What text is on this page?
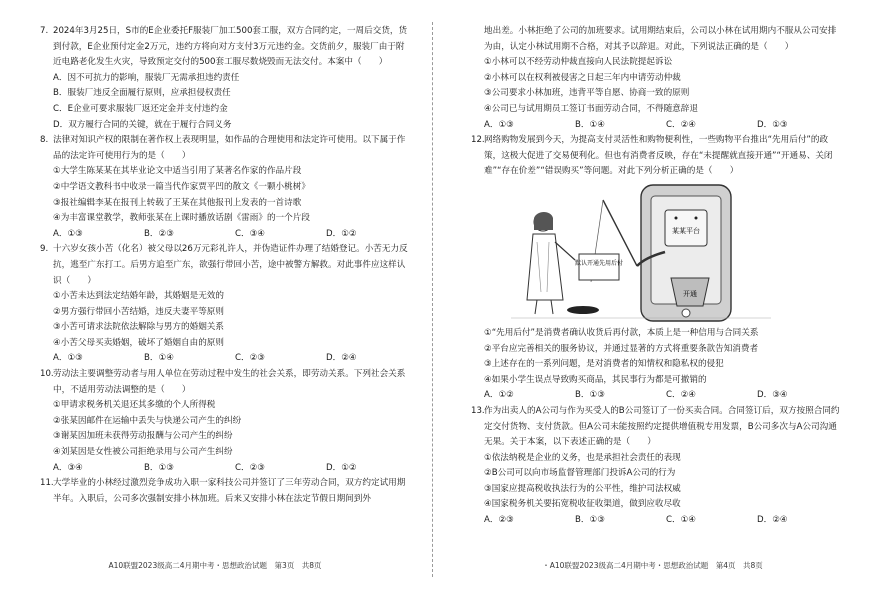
7. 2024年3月25日，S市的E企业委托F服装厂加工500套工服，双方合同约定，一周后交货，货到付款，E企业预付定金2万元，违约方将向对方支付3万元违约金。交货前夕，服装厂由于附近电路老化发生火灾，导致预定交付的500套工服尽数烧毁而无法交付。本案中（　　）
A．因不可抗力的影响，服装厂无需承担违约责任
B．服装厂违反全面履行原则，应承担侵权责任
C．E企业可要求服装厂返还定金并支付违约金
D．双方履行合同的关键，就在于履行合同义务
8. 法律对知识产权的限制在著作权上表现明显，如作品的合理使用和法定许可使用。以下属于作品的法定许可使用行为的是（　　）
①大学生陈某某在其毕业论文中适当引用了某著名作家的作品片段
②中学语文教科书中收录一篇当代作家贾平凹的散文《一颗小桃树》
③报社编辑李某在报刊上转载了王某在其他报刊上发表的一首诗歌
④为丰富课堂教学，教师张某在上课时播放话剧《雷雨》的一个片段
A．①③	B．②③	C．③④	D．①②
9. 十六岁女孩小苦（化名）被父母以26万元彩礼许人，并伪造证件办理了结婚登记。小苦无力反抗，逃至广东打工。后男方追至广东，欲强行带回小苦，途中被警方解救。对此事件应这样认识（　　）
①小苦未达到法定结婚年龄，其婚姻是无效的
②男方强行带回小苦结婚，违反夫妻平等原则
③小苦可请求法院依法解除与男方的婚姻关系
④小苦父母买卖婚姻，破坏了婚姻自由的原则
A．①③	B．①④	C．②③	D．②④
10.劳动法主要调整劳动者与用人单位在劳动过程中发生的社会关系，即劳动关系。下列社会关系中，不适用劳动法调整的是（　　）
①甲请求税务机关退还其多缴的个人所得税
②张某因邮件在运输中丢失与快递公司产生的纠纷
③谢某因加班未获得劳动报酬与公司产生的纠纷
④刘某因是女性被公司拒绝录用与公司产生纠纷
A．③④	B．①③	C．②③	D．①②
11.大学毕业的小林经过激烈竞争成功入职一家科技公司并签订了三年劳动合同，双方约定试用期半年。入职后，公司多次强制安排小林加班。后来又安排小林在法定节假日期间到外
A10联盟2023级高二4月期中考・思想政治试题　第3页　共8页
地出差。小林拒绝了公司的加班要求。试用期结束后，公司以小林在试用期内不服从公司安排为由，认定小林试用期不合格，对其予以辞退。对此，下列说法正确的是（　　）
①小林可以不经劳动仲裁直接向人民法院提起诉讼
②小林可以在权利被侵害之日起三年内申请劳动仲裁
③公司要求小林加班，违背平等自愿、协商一致的原则
④公司已与试用期员工签订书面劳动合同，不得随意辞退
A．①③	B．①④	C．②④	D．①③
12.网络购物发展到今天，为提高支付灵活性和购物便利性，一些购物平台推出“先用后付”的政策，这极大促进了交易便利化。但也有消费者反映，存在“未提醒就直接开通”“开通易、关闭难”“存在价差”“错误购买”等问题。对此下列分析正确的是（　　）
某某平台
默认开通先用后付
开通
①“先用后付”是消费者确认收货后再付款，本质上是一种信用与合同关系
②平台应完善相关的服务协议，并通过显著的方式将重要条款告知消费者
③上述存在的一系列问题，是对消费者的知情权和隐私权的侵犯
④如果小学生误点导致购买商品，其民事行为都是可撤销的
A．①②	B．①③	C．②④	D．③④
13.作为出卖人的A公司与作为买受人的B公司签订了一份买卖合同。合同签订后，双方按照合同约定交付货物、支付货款。但A公司未能按照约定提供增值税专用发票，B公司多次与A公司沟通无果。关于本案，以下表述正确的是（　　）
①依法纳税是企业的义务，也是承担社会责任的表现
②B公司可以向市场监督管理部门投诉A公司的行为
③国家应提高税收执法行为的公平性，维护司法权威
④国家税务机关要拓宽税收征收渠道，做到应收尽收
A．②③	B．①③	C．①④	D．②④
・A10联盟2023级高二4月期中考・思想政治试题　第4页　共8页
